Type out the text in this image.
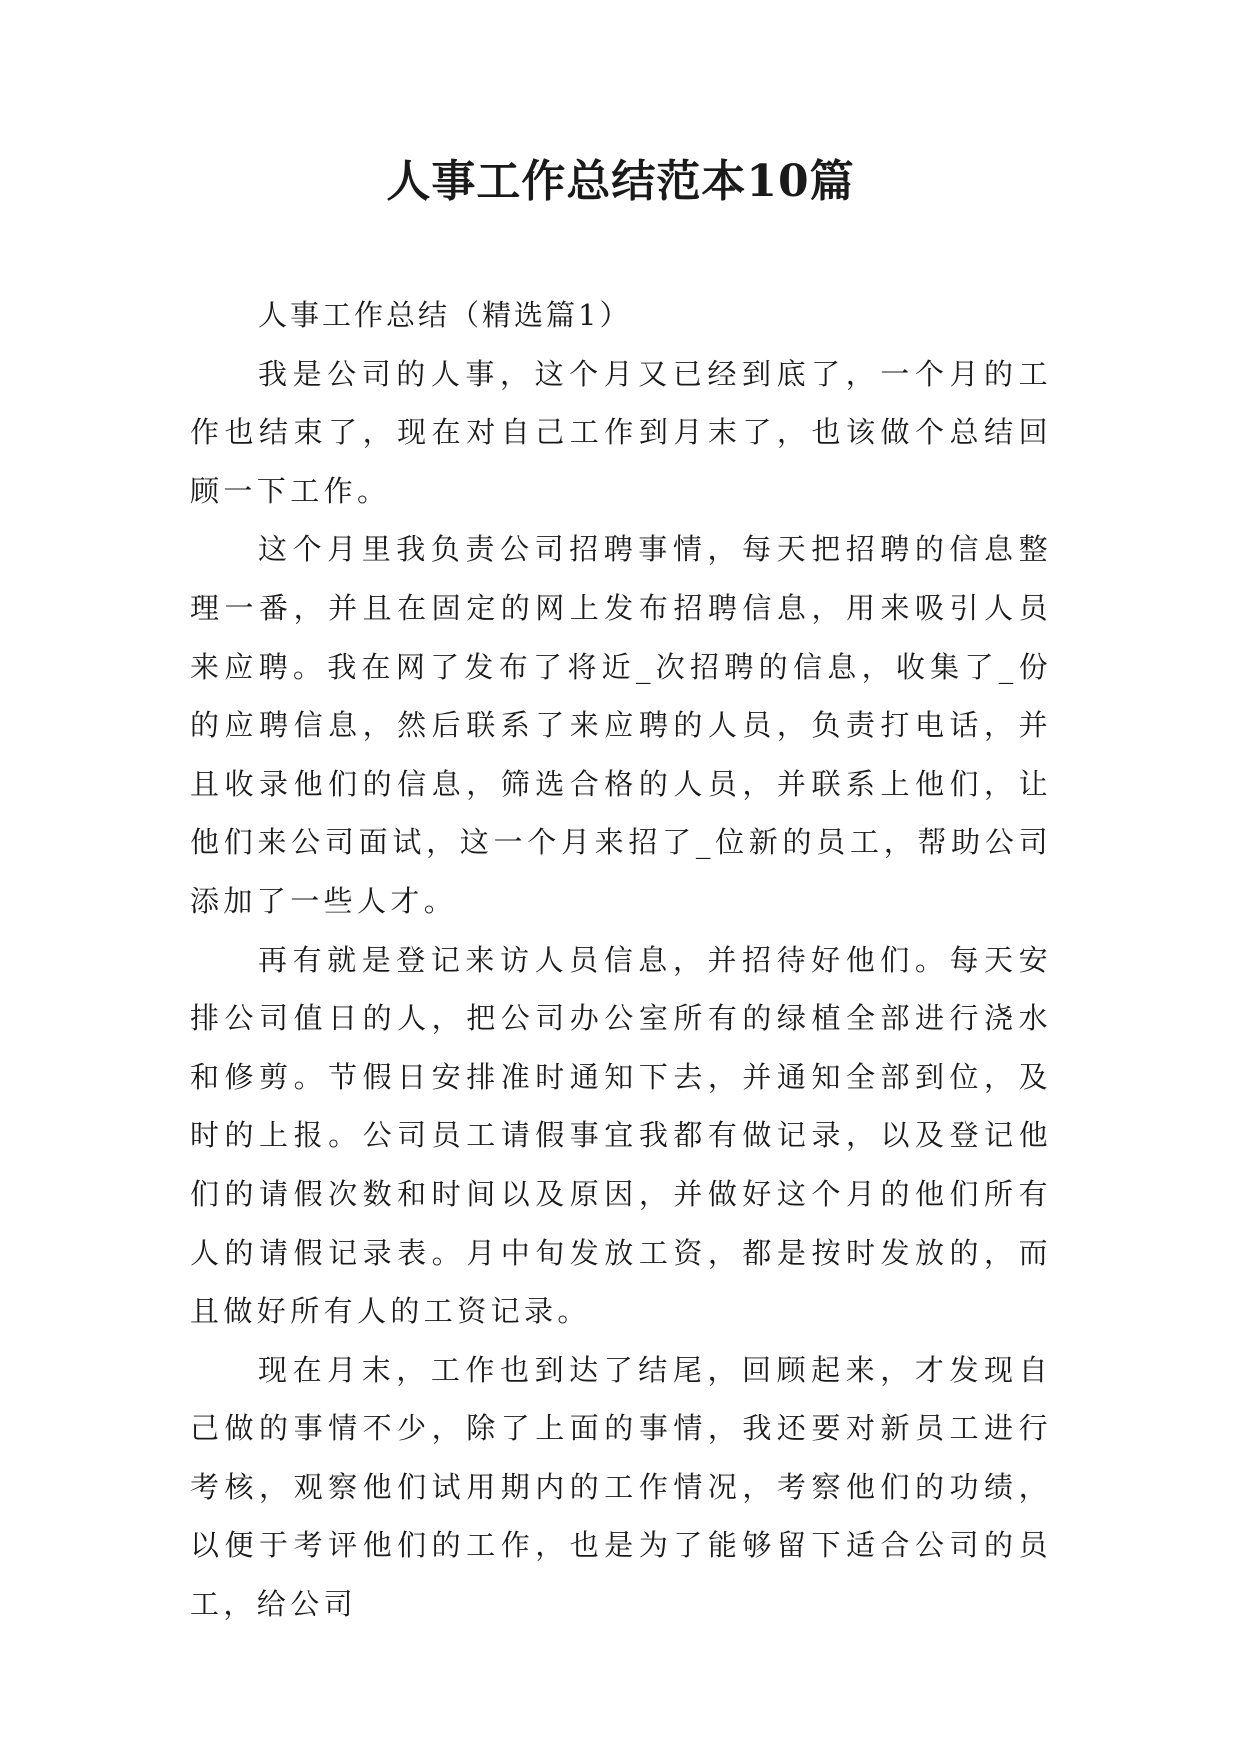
人事工作总结范本10篇

人事工作总结（精选篇1）

我是公司的人事，这个月又已经到底了，一个月的工作也结束了，现在对自己工作到月末了，也该做个总结回顾一下工作。

这个月里我负责公司招聘事情，每天把招聘的信息整理一番，并且在固定的网上发布招聘信息，用来吸引人员来应聘。我在网了发布了将近_次招聘的信息，收集了_份的应聘信息，然后联系了来应聘的人员，负责打电话，并且收录他们的信息，筛选合格的人员，并联系上他们，让他们来公司面试，这一个月来招了_位新的员工，帮助公司添加了一些人才。

再有就是登记来访人员信息，并招待好他们。每天安排公司值日的人，把公司办公室所有的绿植全部进行浇水和修剪。节假日安排准时通知下去，并通知全部到位，及时的上报。公司员工请假事宜我都有做记录，以及登记他们的请假次数和时间以及原因，并做好这个月的他们所有人的请假记录表。月中旬发放工资，都是按时发放的，而且做好所有人的工资记录。

现在月末，工作也到达了结尾，回顾起来，才发现自己做的事情不少，除了上面的事情，我还要对新员工进行考核，观察他们试用期内的工作情况，考察他们的功绩，以便于考评他们的工作，也是为了能够留下适合公司的员工，给公司
